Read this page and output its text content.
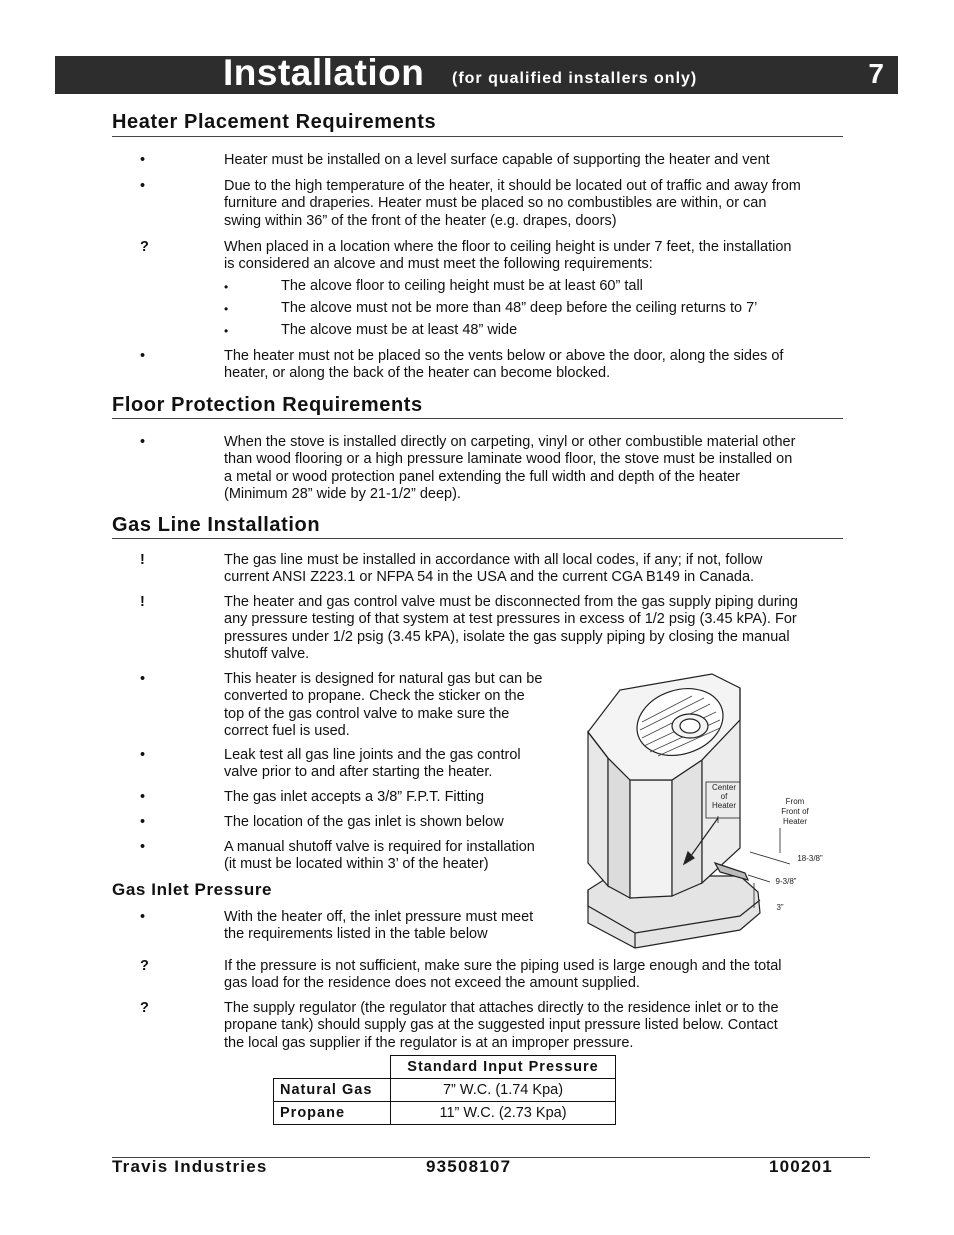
Installation (for qualified installers only)	7
Heater Placement Requirements
•	Heater must be installed on a level surface capable of supporting the heater and vent
•	Due to the high temperature of the heater, it should be located out of traffic and away from
furniture and draperies. Heater must be placed so no combustibles are within, or can
swing within 36” of the front of the heater (e.g. drapes, doors)
?	When placed in a location where the floor to ceiling height is under 7 feet, the installation
is considered an alcove and must meet the following requirements:
•	The alcove floor to ceiling height must be at least 60” tall
•	The alcove must not be more than 48” deep before the ceiling returns to 7’
•	The alcove must be at least 48” wide
•	The heater must not be placed so the vents below or above the door, along the sides of
heater, or along the back of the heater can become blocked.
Floor Protection Requirements
•	When the stove is installed directly on carpeting, vinyl or other combustible material other
than wood flooring or a high pressure laminate wood floor, the stove must be installed on
a metal or wood protection panel extending the full width and depth of the heater
(Minimum 28” wide by 21-1/2” deep).
Gas Line Installation
!	The gas line must be installed in accordance with all local codes, if any; if not, follow
current ANSI Z223.1 or NFPA 54 in the USA and the current CGA B149 in Canada.
!	The heater and gas control valve must be disconnected from the gas supply piping during
any pressure testing of that system at test pressures in excess of 1/2 psig (3.45 kPA). For
pressures under 1/2 psig (3.45 kPA), isolate the gas supply piping by closing the manual
shutoff valve.
•	This heater is designed for natural gas but can be
converted to propane. Check the sticker on the
top of the gas control valve to make sure the
correct fuel is used.
•	Leak test all gas line joints and the gas control
valve prior to and after starting the heater.
•	The gas inlet accepts a 3/8” F.P.T. Fitting
•	The location of the gas inlet is shown below
•	A manual shutoff valve is required for installation
(it must be located within 3’ of the heater)
Gas Inlet Pressure
•	With the heater off, the inlet pressure must meet
the requirements listed in the table below
?	If the pressure is not sufficient, make sure the piping used is large enough and the total
gas load for the residence does not exceed the amount supplied.
?	The supply regulator (the regulator that attaches directly to the residence inlet or to the
propane tank) should supply gas at the suggested input pressure listed below. Contact
the local gas supplier if the regulator is at an improper pressure.
Center
of
Heater	From
Front of
Heater
18-3/8”
9-3/8”
3”
	Standard Input Pressure
Natural Gas	7” W.C. (1.74 Kpa)
Propane	11” W.C. (2.73 Kpa)
Travis Industries	93508107	100201
